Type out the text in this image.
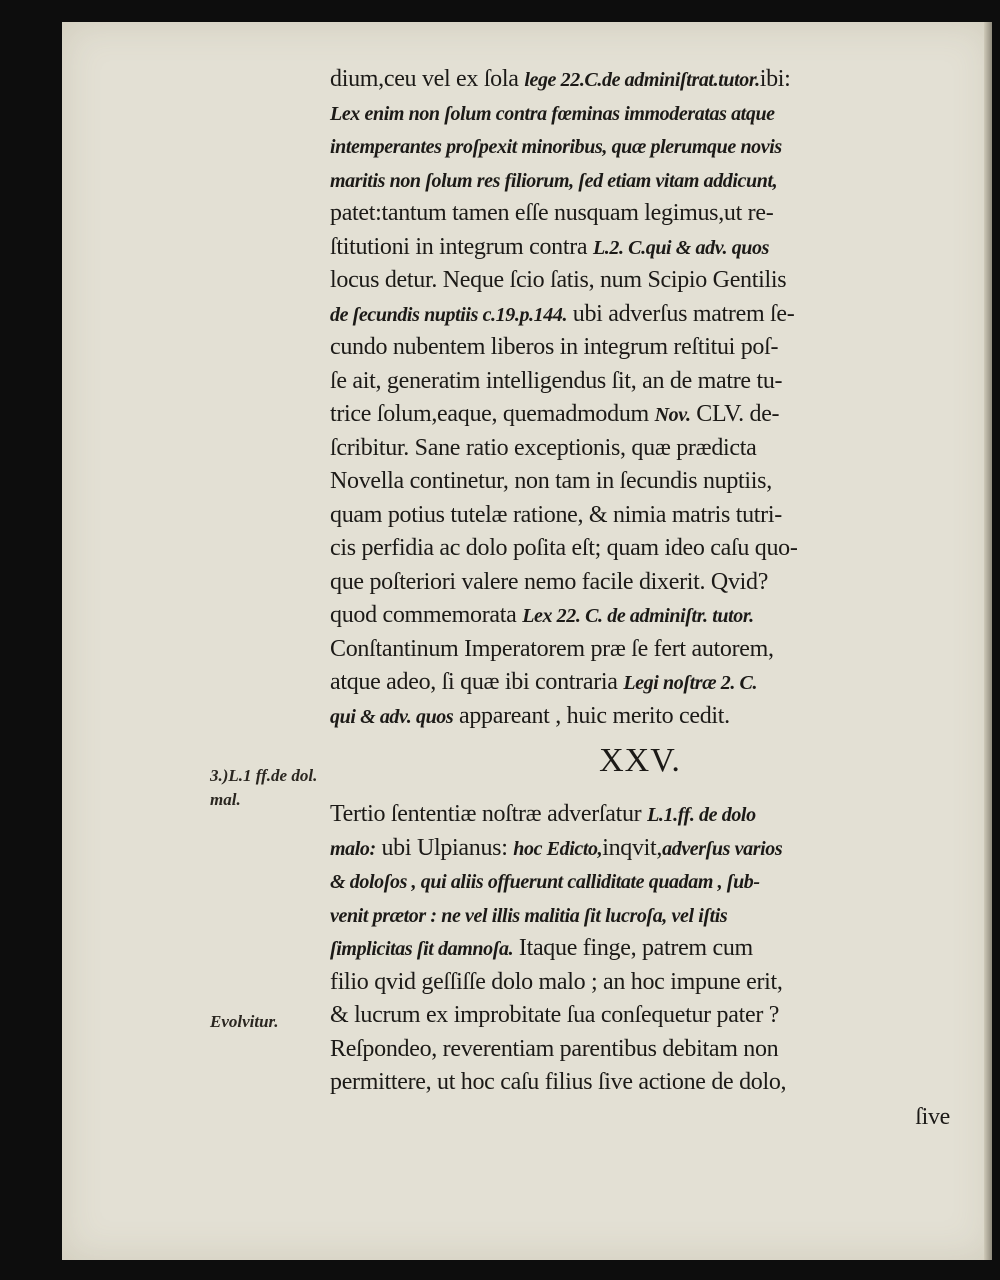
dium,ceu vel ex ſola lege 22.C.de adminiſtrat.tutor.ibi:
Lex enim non ſolum contra fœminas immoderatas atque
intemperantes proſpexit minoribus, quæ plerumque novis
maritis non ſolum res filiorum, ſed etiam vitam addicunt,
patet:tantum tamen eſſe nusquam legimus,ut re-
ſtitutioni in integrum contra L.2. C.qui & adv. quos
locus detur. Neque ſcio ſatis, num Scipio Gentilis
de ſecundis nuptiis c.19.p.144. ubi adverſus matrem ſe-
cundo nubentem liberos in integrum reſtitui poſ-
ſe ait, generatim intelligendus ſit, an de matre tu-
trice ſolum,eaque, quemadmodum Nov. CLV. de-
ſcribitur. Sane ratio exceptionis, quæ prædicta
Novella continetur, non tam in ſecundis nuptiis,
quam potius tutelæ ratione, & nimia matris tutri-
cis perfidia ac dolo poſita eſt; quam ideo caſu quo-
que poſteriori valere nemo facile dixerit. Qvid?
quod commemorata Lex 22. C. de adminiſtr. tutor.
Conſtantinum Imperatorem præ ſe fert autorem,
atque adeo, ſi quæ ibi contraria Legi noſtræ 2. C.
qui & adv. quos appareant , huic merito cedit.
XXV.
Tertio ſententiæ noſtræ adverſatur L.1.ff. de dolo
malo: ubi Ulpianus: hoc Edicto,inqvit,adverſus varios
& doloſos , qui aliis offuerunt calliditate quadam , ſub-
venit prætor : ne vel illis malitia ſit lucroſa, vel iſtis
ſimplicitas ſit damnoſa. Itaque finge, patrem cum
filio qvid geſſiſſe dolo malo ; an hoc impune erit,
& lucrum ex improbitate ſua conſequetur pater ?
Reſpondeo, reverentiam parentibus debitam non
permittere, ut hoc caſu filius ſive actione de dolo,
ſive
3.)L.1 ff.de dol. mal.
Evolvitur.
